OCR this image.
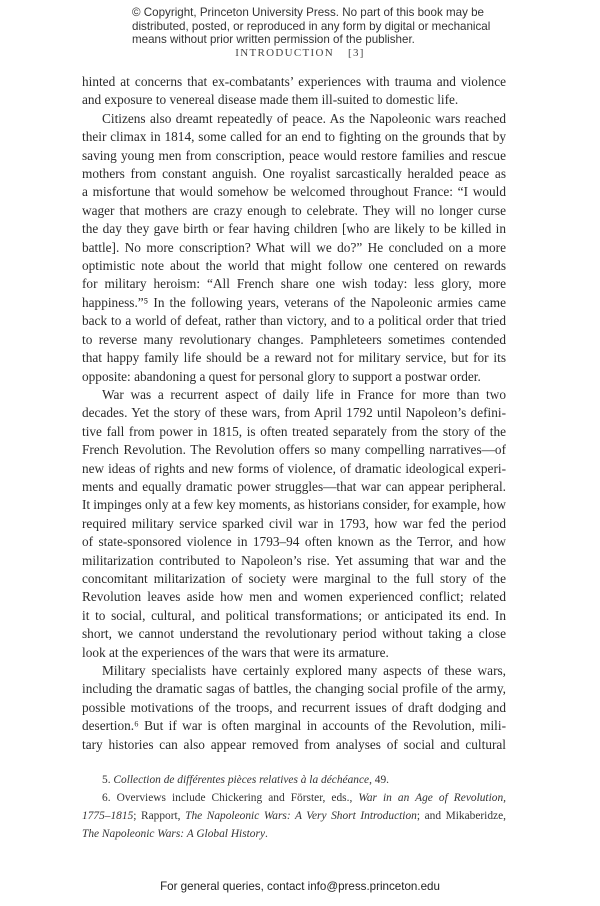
© Copyright, Princeton University Press. No part of this book may be
distributed, posted, or reproduced in any form by digital or mechanical
means without prior written permission of the publisher.
INTRODUCTION [3]
hinted at concerns that ex-combatants’ experiences with trauma and violence
and exposure to venereal disease made them ill-suited to domestic life.
Citizens also dreamt repeatedly of peace. As the Napoleonic wars reached
their climax in 1814, some called for an end to fighting on the grounds that by
saving young men from conscription, peace would restore families and rescue
mothers from constant anguish. One royalist sarcastically heralded peace as
a misfortune that would somehow be welcomed throughout France: “I would
wager that mothers are crazy enough to celebrate. They will no longer curse
the day they gave birth or fear having children [who are likely to be killed in
battle]. No more conscription? What will we do?” He concluded on a more
optimistic note about the world that might follow one centered on rewards
for military heroism: “All French share one wish today: less glory, more
happiness.”⁵ In the following years, veterans of the Napoleonic armies came
back to a world of defeat, rather than victory, and to a political order that tried
to reverse many revolutionary changes. Pamphleteers sometimes contended
that happy family life should be a reward not for military service, but for its
opposite: abandoning a quest for personal glory to support a postwar order.
War was a recurrent aspect of daily life in France for more than two
decades. Yet the story of these wars, from April 1792 until Napoleon’s defini-
tive fall from power in 1815, is often treated separately from the story of the
French Revolution. The Revolution offers so many compelling narratives—of
new ideas of rights and new forms of violence, of dramatic ideological experi-
ments and equally dramatic power struggles—that war can appear peripheral.
It impinges only at a few key moments, as historians consider, for example, how
required military service sparked civil war in 1793, how war fed the period
of state-sponsored violence in 1793–94 often known as the Terror, and how
militarization contributed to Napoleon’s rise. Yet assuming that war and the
concomitant militarization of society were marginal to the full story of the
Revolution leaves aside how men and women experienced conflict; related
it to social, cultural, and political transformations; or anticipated its end. In
short, we cannot understand the revolutionary period without taking a close
look at the experiences of the wars that were its armature.
Military specialists have certainly explored many aspects of these wars,
including the dramatic sagas of battles, the changing social profile of the army,
possible motivations of the troops, and recurrent issues of draft dodging and
desertion.⁶ But if war is often marginal in accounts of the Revolution, mili-
tary histories can also appear removed from analyses of social and cultural
5. Collection de différentes pièces relatives à la déchéance, 49.
6. Overviews include Chickering and Förster, eds., War in an Age of Revolution,
1775–1815; Rapport, The Napoleonic Wars: A Very Short Introduction; and Mikaberidze,
The Napoleonic Wars: A Global History.
For general queries, contact info@press.princeton.edu
